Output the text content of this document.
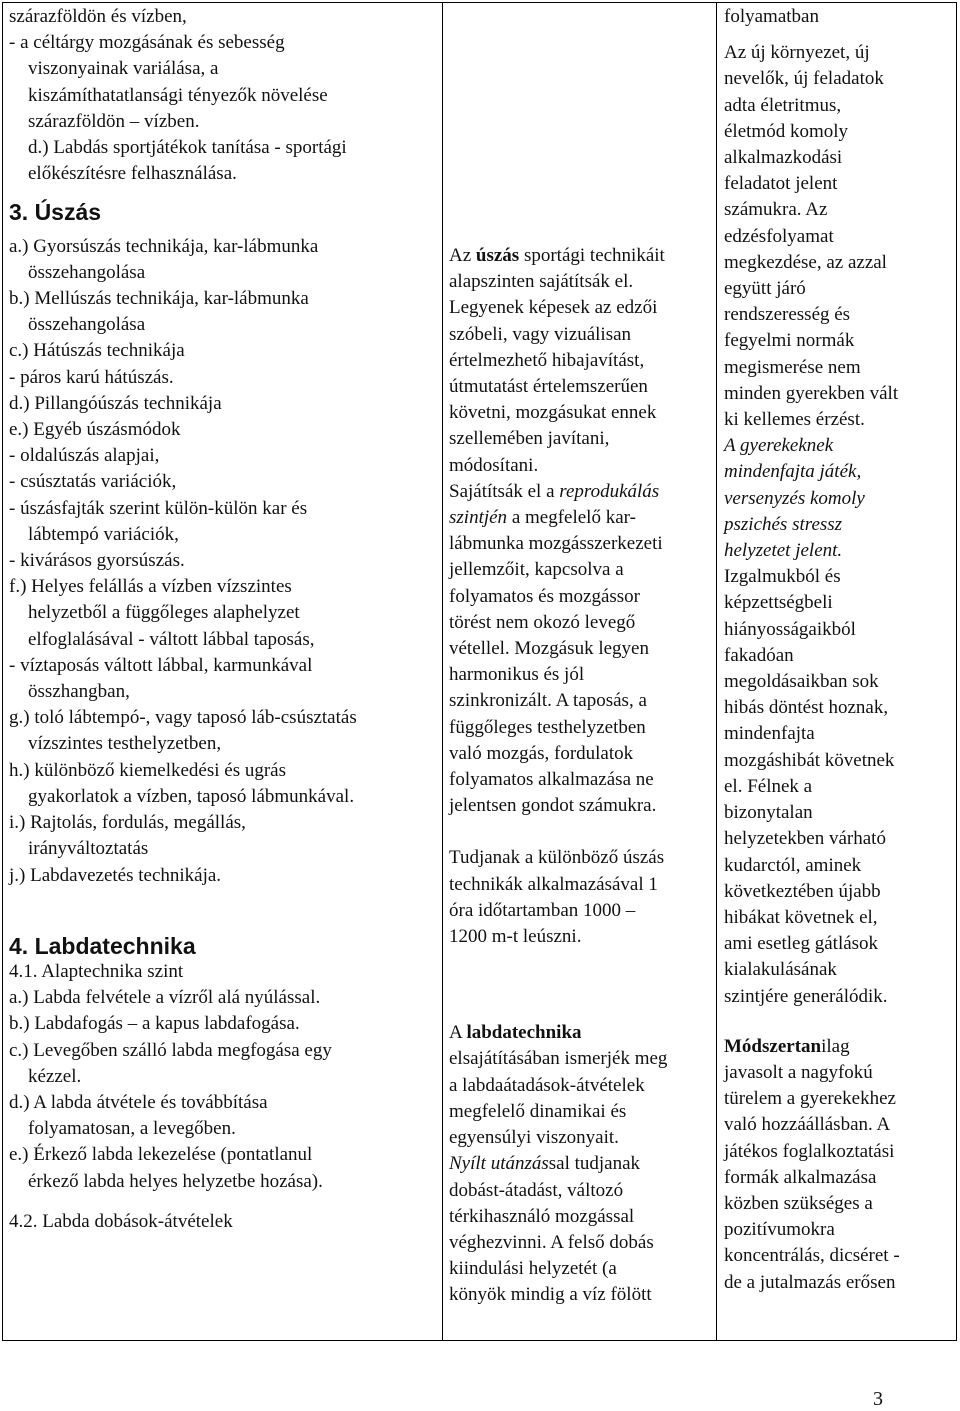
szárazföldön és vízben,
- a céltárgy mozgásának és sebesség
viszonyainak variálása, a
kiszámíthatatlansági tényezők növelése
szárazföldön – vízben.
d.) Labdás sportjátékok tanítása - sportági
előkészítésre felhasználása.
3. Úszás
a.) Gyorsúszás technikája, kar-lábmunka
összehangolása
b.) Mellúszás technikája, kar-lábmunka
összehangolása
c.) Hátúszás technikája
- páros karú hátúszás.
d.) Pillangóúszás technikája
e.) Egyéb úszásmódok
- oldalúszás alapjai,
- csúsztatás variációk,
- úszásfajták szerint külön-külön kar és
lábtempó variációk,
- kivárásos gyorsúszás.
f.) Helyes felállás a vízben vízszintes
helyzetből a függőleges alaphelyzet
elfoglalásával - váltott lábbal taposás,
- víztaposás váltott lábbal, karmunkával
összhangban,
g.) toló lábtempó-, vagy taposó láb-csúsztatás
vízszintes testhelyzetben,
h.) különböző kiemelkedési és ugrás
gyakorlatok a vízben, taposó lábmunkával.
i.) Rajtolás, fordulás, megállás,
irányváltoztatás
j.) Labdavezetés technikája.
4. Labdatechnika
4.1. Alaptechnika szint
a.) Labda felvétele a vízről alá nyúlással.
b.) Labdafogás – a kapus labdafogása.
c.) Levegőben szálló labda megfogása egy
kézzel.
d.) A labda átvétele és továbbítása
folyamatosan, a levegőben.
e.) Érkező labda lekezelése (pontatlanul
érkező labda helyes helyzetbe hozása).
4.2. Labda dobások-átvételek
Az úszás sportági technikáit
alapszinten sajátítsák el.
Legyenek képesek az edzői
szóbeli, vagy vizuálisan
értelmezhető hibajavítást,
útmutatást értelemszerűen
követni, mozgásukat ennek
szellemében javítani,
módosítani.
Sajátítsák el a reprodukálás
szintjén a megfelelő kar-
lábmunka mozgásszerkezeti
jellemzőit, kapcsolva a
folyamatos és mozgássor
törést nem okozó levegő
vétellel. Mozgásuk legyen
harmonikus és jól
szinkronizált. A taposás, a
függőleges testhelyzetben
való mozgás, fordulatok
folyamatos alkalmazása ne
jelentsen gondot számukra.
Tudjanak a különböző úszás
technikák alkalmazásával 1
óra időtartamban 1000 –
1200 m-t leúszni.
A labdatechnika
elsajátításában ismerjék meg
a labdaátadások-átvételek
megfelelő dinamikai és
egyensúlyi viszonyait.
Nyílt utánzással tudjanak
dobást-átadást, változó
térkihasználó mozgással
véghezvinni. A felső dobás
kiindulási helyzetét (a
könyök mindig a víz fölött
folyamatban
Az új környezet, új
nevelők, új feladatok
adta életritmus,
életmód komoly
alkalmazkodási
feladatot jelent
számukra. Az
edzésfolyamat
megkezdése, az azzal
együtt járó
rendszeresség és
fegyelmi normák
megismerése nem
minden gyerekben vált
ki kellemes érzést.
A gyerekeknek
mindenfajta játék,
versenyzés komoly
pszichés stressz
helyzetet jelent.
Izgalmukból és
képzettségbeli
hiányosságaikból
fakadóan
megoldásaikban sok
hibás döntést hoznak,
mindenfajta
mozgáshibát követnek
el. Félnek a
bizonytalan
helyzetekben várható
kudarctól, aminek
következtében újabb
hibákat követnek el,
ami esetleg gátlások
kialakulásának
szintjére generálódik.
Módszertanilag
javasolt a nagyfokú
türelem a gyerekekhez
való hozzáállásban. A
játékos foglalkoztatási
formák alkalmazása
közben szükséges a
pozitívumokra
koncentrálás, dicséret -
de a jutalmazás erősen
3
